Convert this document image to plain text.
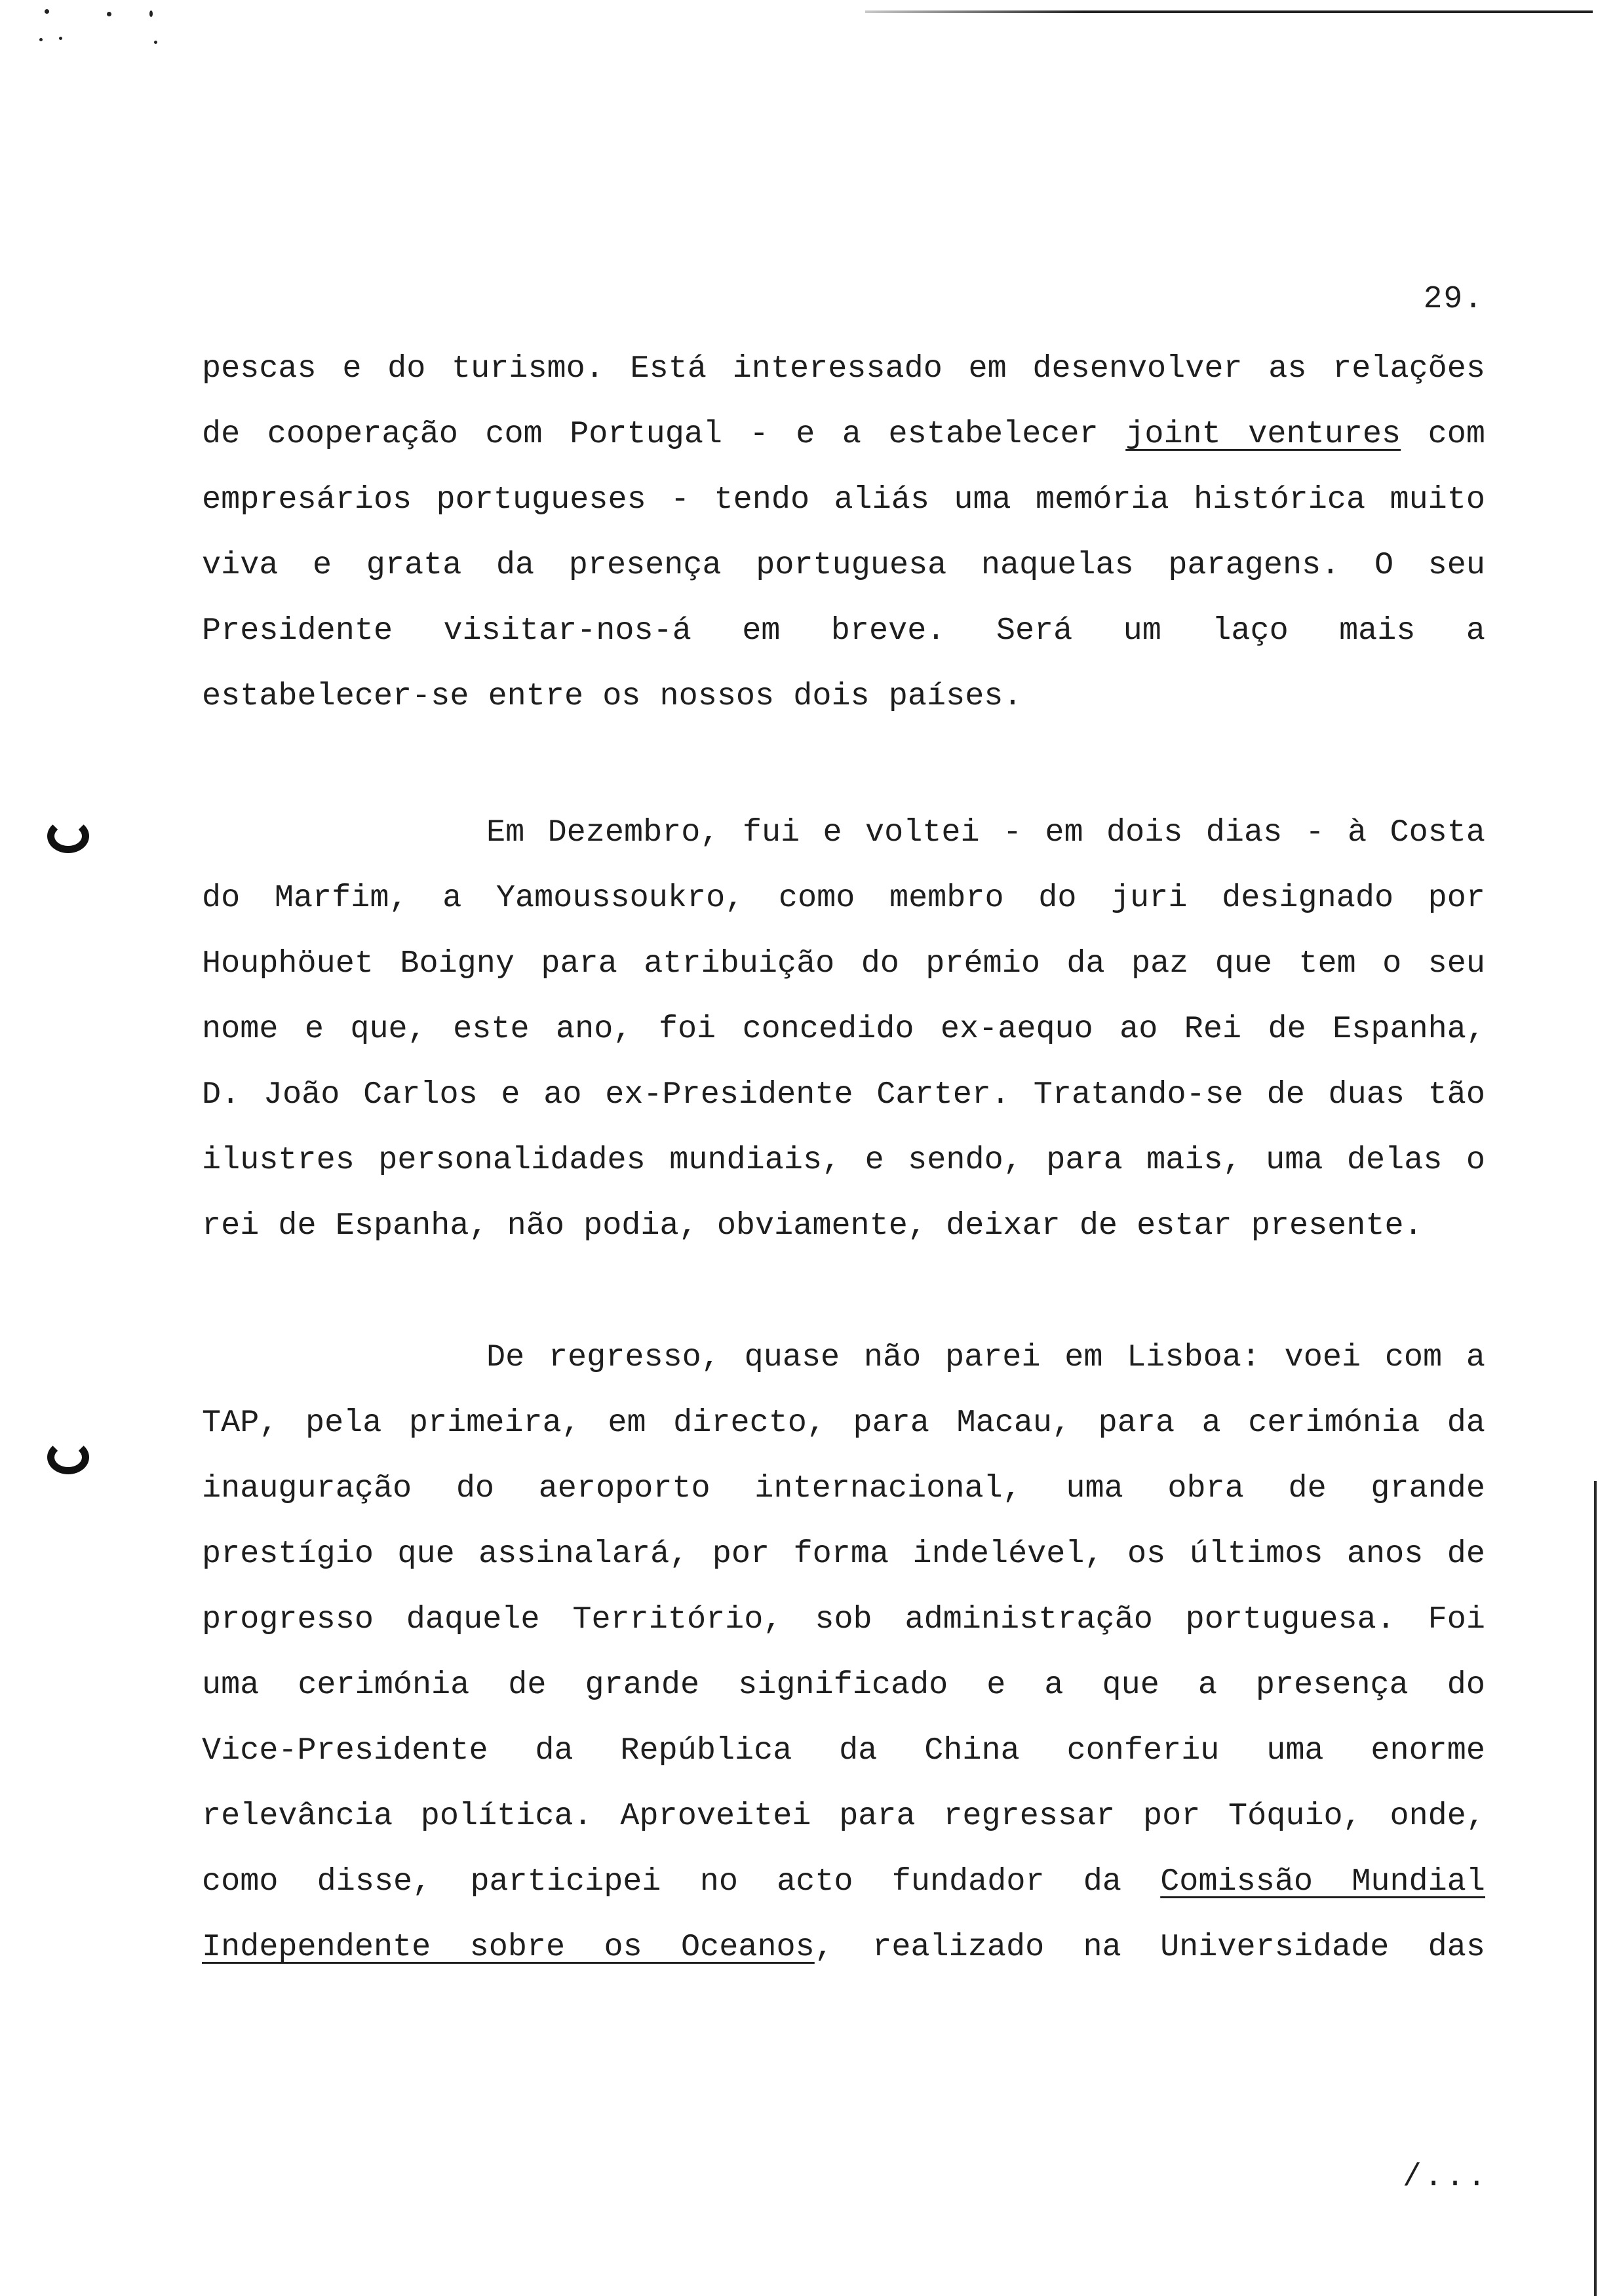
29.
pescas e do turismo. Está interessado em desenvolver as relações
de cooperação com Portugal - e a estabelecer joint ventures com
empresários portugueses - tendo aliás uma memória histórica muito
viva e grata da presença portuguesa naquelas paragens. O seu
Presidente visitar-nos-á em breve. Será um laço mais a
estabelecer-se entre os nossos dois países.
Em Dezembro, fui e voltei - em dois dias - à Costa
do Marfim, a Yamoussoukro, como membro do juri designado por
Houphöuet Boigny para atribuição do prémio da paz que tem o seu
nome e que, este ano, foi concedido ex-aequo ao Rei de Espanha,
D. João Carlos e ao ex-Presidente Carter. Tratando-se de duas tão
ilustres personalidades mundiais, e sendo, para mais, uma delas o
rei de Espanha, não podia, obviamente, deixar de estar presente.
De regresso, quase não parei em Lisboa: voei com a
TAP, pela primeira, em directo, para Macau, para a cerimónia da
inauguração do aeroporto internacional, uma obra de grande
prestígio que assinalará, por forma indelével, os últimos anos de
progresso daquele Território, sob administração portuguesa. Foi
uma cerimónia de grande significado e a que a presença do
Vice-Presidente da República da China conferiu uma enorme
relevância política. Aproveitei para regressar por Tóquio, onde,
como disse, participei no acto fundador da Comissão Mundial
Independente sobre os Oceanos, realizado na Universidade das
/...
